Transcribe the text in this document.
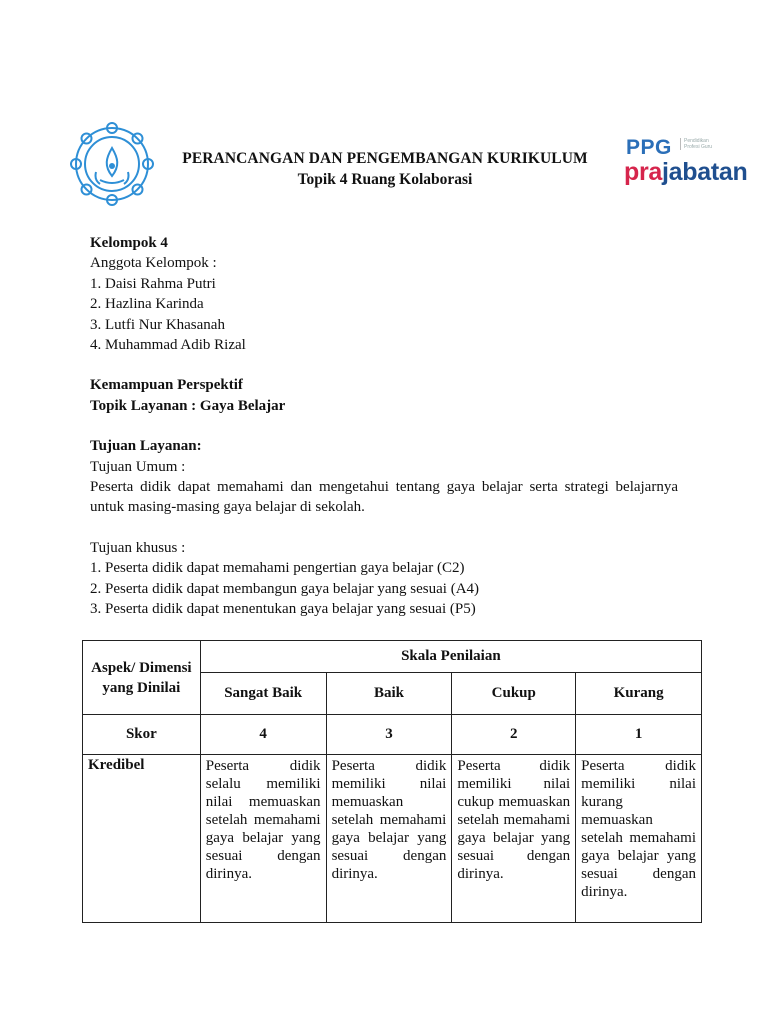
PERANCANGAN DAN PENGEMBANGAN KURIKULUM
Topik 4 Ruang Kolaborasi
PPG	Pendidikan Profesi Guru
prajabatan
Kelompok 4
Anggota Kelompok :
1. Daisi Rahma Putri
2. Hazlina Karinda
3. Lutfi Nur Khasanah
4. Muhammad Adib Rizal
Kemampuan Perspektif
Topik Layanan : Gaya Belajar
Tujuan Layanan:
Tujuan Umum :
Peserta didik dapat memahami dan mengetahui tentang gaya belajar serta strategi belajarnya untuk masing-masing gaya belajar di sekolah.
Tujuan khusus :
1. Peserta didik dapat memahami pengertian gaya belajar (C2)
2. Peserta didik dapat membangun gaya belajar yang sesuai (A4)
3. Peserta didik dapat menentukan gaya belajar yang sesuai (P5)
Aspek/ Dimensi yang Dinilai	Skala Penilaian			
	Sangat Baik	Baik	Cukup	Kurang
Skor	4	3	2	1
Kredibel	Peserta didik selalu memiliki nilai memuaskan setelah memahami gaya belajar yang sesuai dengan dirinya.	Peserta didik memiliki nilai memuaskan setelah memahami gaya belajar yang sesuai dengan dirinya.	Peserta didik memiliki nilai cukup memuaskan setelah memahami gaya belajar yang sesuai dengan dirinya.	Peserta didik memiliki nilai kurang memuaskan setelah memahami gaya belajar yang sesuai dengan dirinya.
